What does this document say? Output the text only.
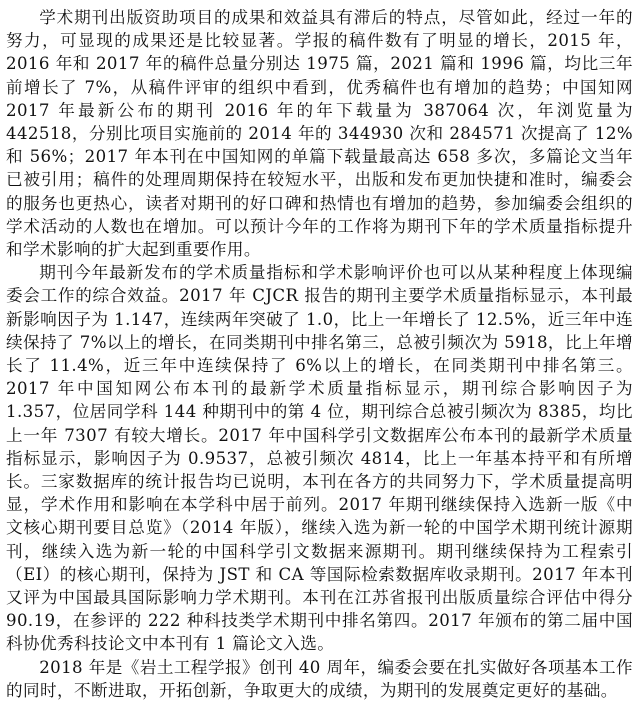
学术期刊出版资助项目的成果和效益具有滞后的特点，尽管如此，经过一年的努力，可显现的成果还是比较显著。学报的稿件数有了明显的增长，2015 年，2016 年和 2017 年的稿件总量分别达 1975 篇，2021 篇和 1996 篇，均比三年前增长了 7%，从稿件评审的组织中看到，优秀稿件也有增加的趋势；中国知网 2017 年最新公布的期刊 2016 年的年下载量为 387064 次，年浏览量为 442518，分别比项目实施前的 2014 年的 344930 次和 284571 次提高了 12%和 56%；2017 年本刊在中国知网的单篇下载量最高达 658 多次，多篇论文当年已被引用；稿件的处理周期保持在较短水平，出版和发布更加快捷和准时，编委会的服务也更热心，读者对期刊的好口碑和热情也有增加的趋势，参加编委会组织的学术活动的人数也在增加。可以预计今年的工作将为期刊下年的学术质量指标提升和学术影响的扩大起到重要作用。

期刊今年最新发布的学术质量指标和学术影响评价也可以从某种程度上体现编委会工作的综合效益。2017 年 CJCR 报告的期刊主要学术质量指标显示，本刊最新影响因子为 1.147，连续两年突破了 1.0，比上一年增长了 12.5%，近三年中连续保持了 7%以上的增长，在同类期刊中排名第三，总被引频次为 5918，比上年增长了 11.4%，近三年中连续保持了 6%以上的增长，在同类期刊中排名第三。2017 年中国知网公布本刊的最新学术质量指标显示，期刊综合影响因子为 1.357，位居同学科 144 种期刊中的第 4 位，期刊综合总被引频次为 8385，均比上一年 7307 有较大增长。2017 年中国科学引文数据库公布本刊的最新学术质量指标显示，影响因子为 0.9537，总被引频次 4814，比上一年基本持平和有所增长。三家数据库的统计报告均已说明，本刊在各方的共同努力下，学术质量提高明显，学术作用和影响在本学科中居于前列。2017 年期刊继续保持入选新一版《中文核心期刊要目总览》（2014 年版），继续入选为新一轮的中国学术期刊统计源期刊，继续入选为新一轮的中国科学引文数据来源期刊。期刊继续保持为工程索引（EI）的核心期刊，保持为 JST 和 CA 等国际检索数据库收录期刊。2017 年本刊又评为中国最具国际影响力学术期刊。本刊在江苏省报刊出版质量综合评估中得分 90.19，在参评的 222 种科技类学术期刊中排名第四。2017 年颁布的第二届中国科协优秀科技论文中本刊有 1 篇论文入选。

2018 年是《岩土工程学报》创刊 40 周年，编委会要在扎实做好各项基本工作的同时，不断进取，开拓创新，争取更大的成绩，为期刊的发展奠定更好的基础。
